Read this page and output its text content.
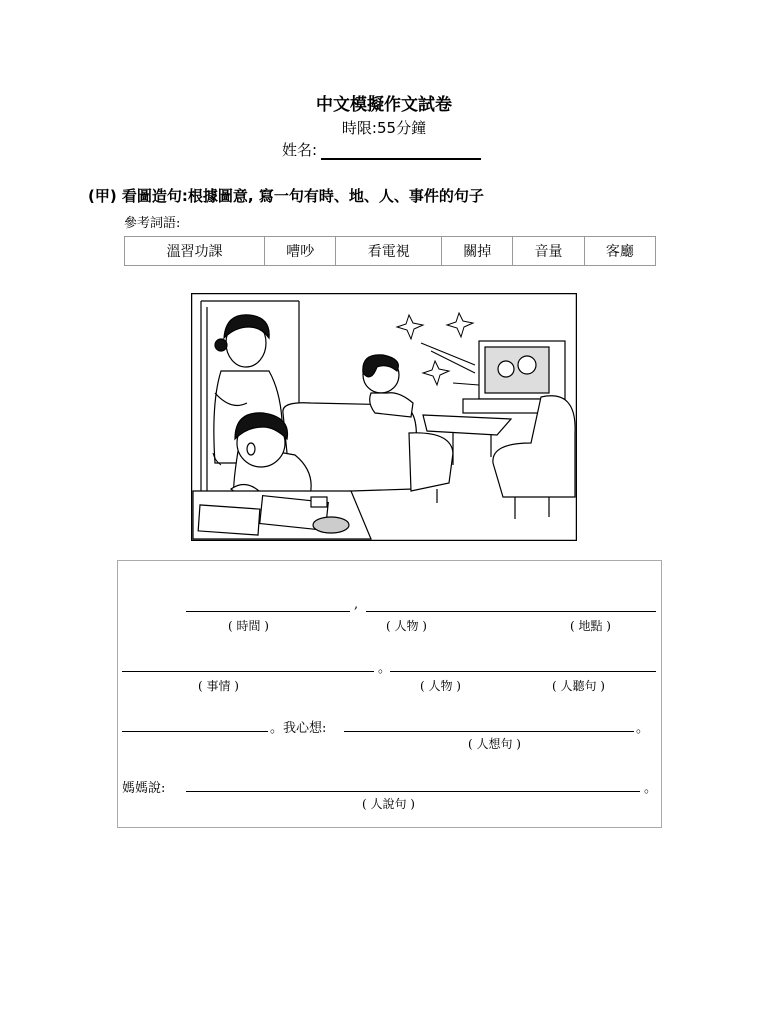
中文模擬作文試卷
時限:55分鐘
姓名:
(甲) 看圖造句:根據圖意, 寫一句有時、地、人、事件的句子
參考詞語:
溫習功課	嘈吵	看電視	關掉	音量	客廳
,
( 時間 )	( 人物 )	( 地點 )
。
( 事情 )	( 人物 )	( 人聽句 )
。我心想:	。
( 人想句 )
媽媽說:	。
( 人說句 )
